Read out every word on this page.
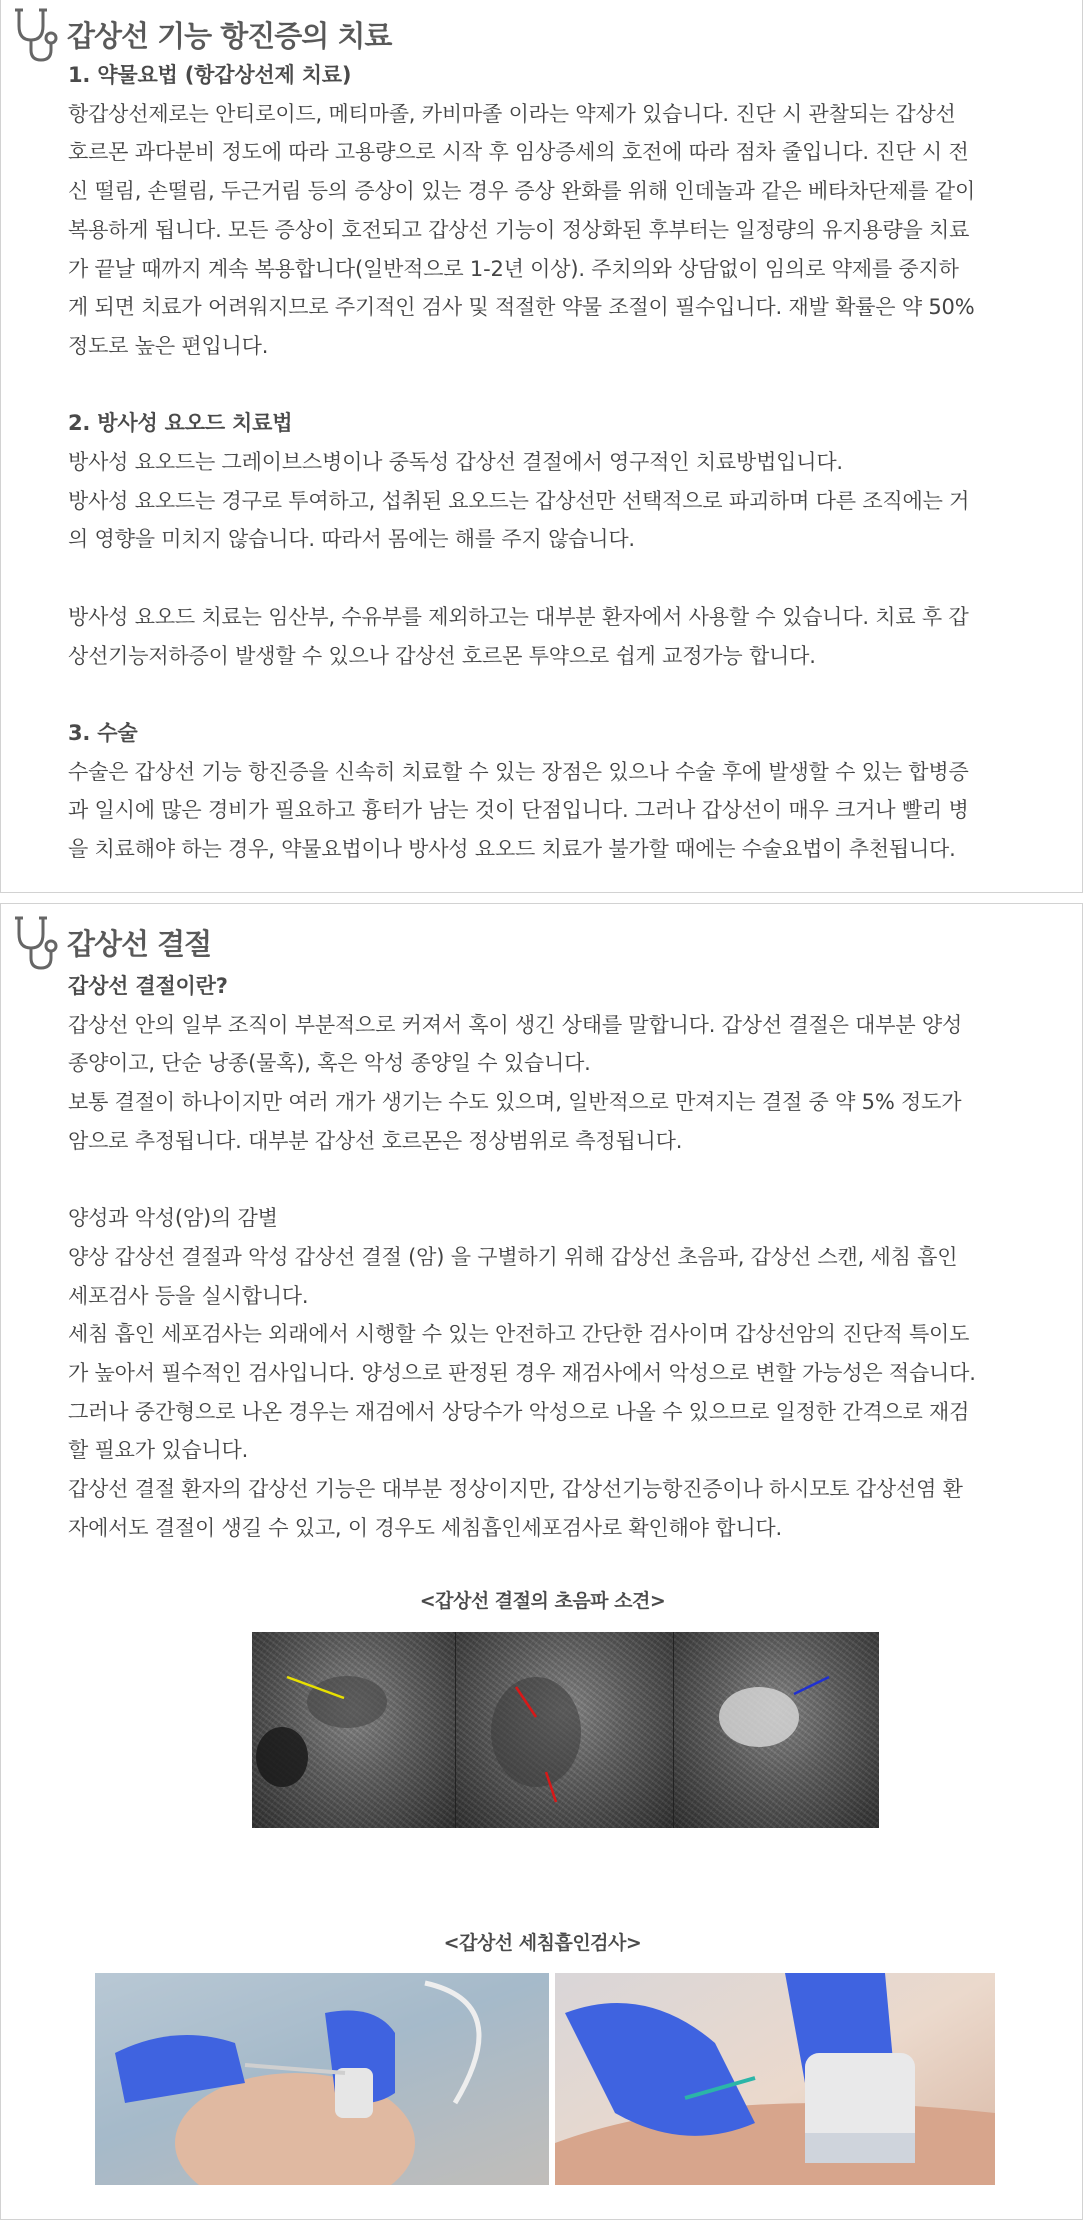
갑상선 기능 항진증의 치료

1. 약물요법 (항갑상선제 치료)

항갑상선제로는 안티로이드, 메티마졸, 카비마졸 이라는 약제가 있습니다. 진단 시 관찰되는 갑상선

호르몬 과다분비 정도에 따라 고용량으로 시작 후 임상증세의 호전에 따라 점차 줄입니다. 진단 시 전

신 떨림, 손떨림, 두근거림 등의 증상이 있는 경우 증상 완화를 위해 인데놀과 같은 베타차단제를 같이

복용하게 됩니다. 모든 증상이 호전되고 갑상선 기능이 정상화된 후부터는 일정량의 유지용량을 치료

가 끝날 때까지 계속 복용합니다(일반적으로 1-2년 이상). 주치의와 상담없이 임의로 약제를 중지하

게 되면 치료가 어려워지므로 주기적인 검사 및 적절한 약물 조절이 필수입니다. 재발 확률은 약 50%

정도로 높은 편입니다.

2. 방사성 요오드 치료법

방사성 요오드는 그레이브스병이나 중독성 갑상선 결절에서 영구적인 치료방법입니다.

방사성 요오드는 경구로 투여하고, 섭취된 요오드는 갑상선만 선택적으로 파괴하며 다른 조직에는 거

의 영향을 미치지 않습니다. 따라서 몸에는 해를 주지 않습니다.

방사성 요오드 치료는 임산부, 수유부를 제외하고는 대부분 환자에서 사용할 수 있습니다. 치료 후 갑

상선기능저하증이 발생할 수 있으나 갑상선 호르몬 투약으로 쉽게 교정가능 합니다.

3. 수술

수술은 갑상선 기능 항진증을 신속히 치료할 수 있는 장점은 있으나 수술 후에 발생할 수 있는 합병증

과 일시에 많은 경비가 필요하고 흉터가 남는 것이 단점입니다. 그러나 갑상선이 매우 크거나 빨리 병

을 치료해야 하는 경우, 약물요법이나 방사성 요오드 치료가 불가할 때에는 수술요법이 추천됩니다.

갑상선 결절

갑상선 결절이란?

갑상선 안의 일부 조직이 부분적으로 커져서 혹이 생긴 상태를 말합니다. 갑상선 결절은 대부분 양성

종양이고, 단순 낭종(물혹), 혹은 악성 종양일 수 있습니다.

보통 결절이 하나이지만 여러 개가 생기는 수도 있으며, 일반적으로 만져지는 결절 중 약 5% 정도가

암으로 추정됩니다. 대부분 갑상선 호르몬은 정상범위로 측정됩니다.

양성과 악성(암)의 감별

양상 갑상선 결절과 악성 갑상선 결절 (암) 을 구별하기 위해 갑상선 초음파, 갑상선 스캔, 세침 흡인

세포검사 등을 실시합니다.

세침 흡인 세포검사는 외래에서 시행할 수 있는 안전하고 간단한 검사이며 갑상선암의 진단적 특이도

가 높아서 필수적인 검사입니다. 양성으로 판정된 경우 재검사에서 악성으로 변할 가능성은 적습니다.

그러나 중간형으로 나온 경우는 재검에서 상당수가 악성으로 나올 수 있으므로 일정한 간격으로 재검

할 필요가 있습니다.

갑상선 결절 환자의 갑상선 기능은 대부분 정상이지만, 갑상선기능항진증이나 하시모토 갑상선염 환

자에서도 결절이 생길 수 있고, 이 경우도 세침흡인세포검사로 확인해야 합니다.

<갑상선 결절의 초음파 소견>
<갑상선 세침흡인검사>
